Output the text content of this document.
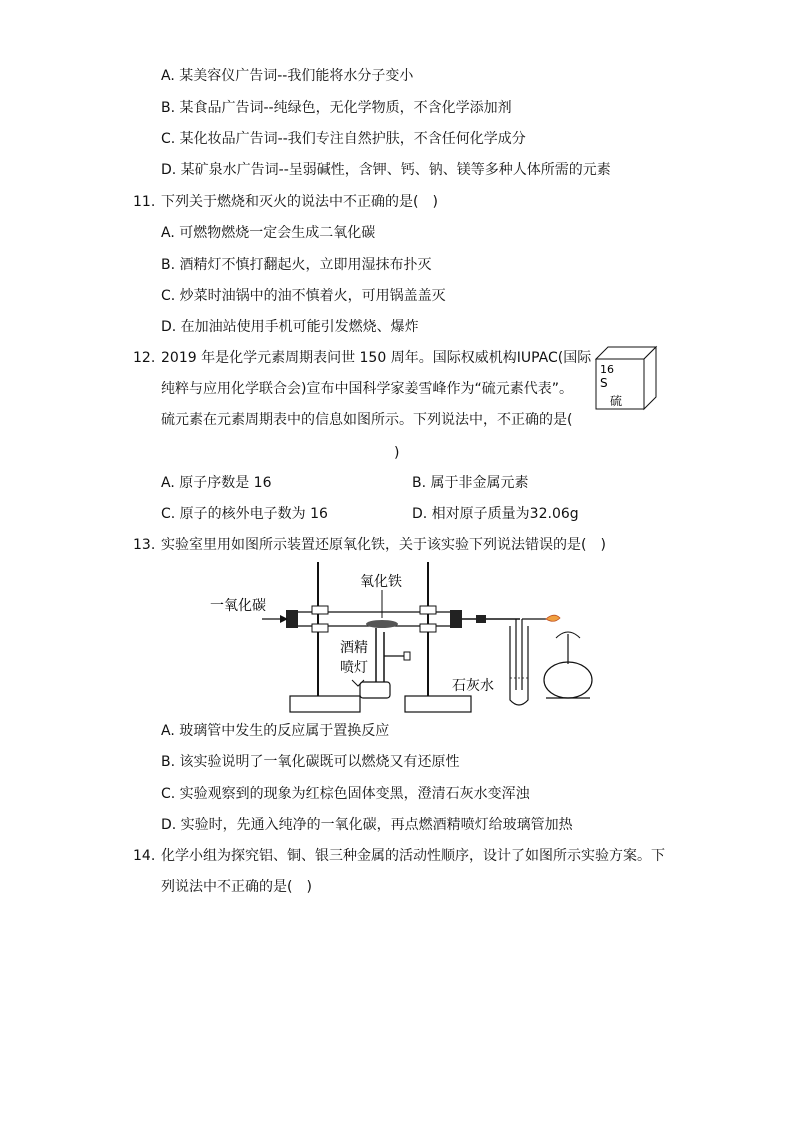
A. 某美容仪广告词--我们能将水分子变小
B. 某食品广告词--纯绿色，无化学物质，不含化学添加剂
C. 某化妆品广告词--我们专注自然护肤，不含任何化学成分
D. 某矿泉水广告词--呈弱碱性，含钾、钙、钠、镁等多种人体所需的元素
11. 下列关于燃烧和灭火的说法中不正确的是(　)
A. 可燃物燃烧一定会生成二氧化碳
B. 酒精灯不慎打翻起火，立即用湿抹布扑灭
C. 炒菜时油锅中的油不慎着火，可用锅盖盖灭
D. 在加油站使用手机可能引发燃烧、爆炸
12. 2019 年是化学元素周期表问世 150 周年。国际权威机构IUPAC(国际
纯粹与应用化学联合会)宣布中国科学家姜雪峰作为“硫元素代表”。
硫元素在元素周期表中的信息如图所示。下列说法中，不正确的是(
)
16
S
硫
A. 原子序数是 16	B. 属于非金属元素
C. 原子的核外电子数为 16	D. 相对原子质量为32.06g
13. 实验室里用如图所示装置还原氧化铁，关于该实验下列说法错误的是(　)
一氧化碳
氧化铁
酒精
喷灯
石灰水
A. 玻璃管中发生的反应属于置换反应
B. 该实验说明了一氧化碳既可以燃烧又有还原性
C. 实验观察到的现象为红棕色固体变黑，澄清石灰水变浑浊
D. 实验时，先通入纯净的一氧化碳，再点燃酒精喷灯给玻璃管加热
14. 化学小组为探究铝、铜、银三种金属的活动性顺序，设计了如图所示实验方案。下
列说法中不正确的是(　)
